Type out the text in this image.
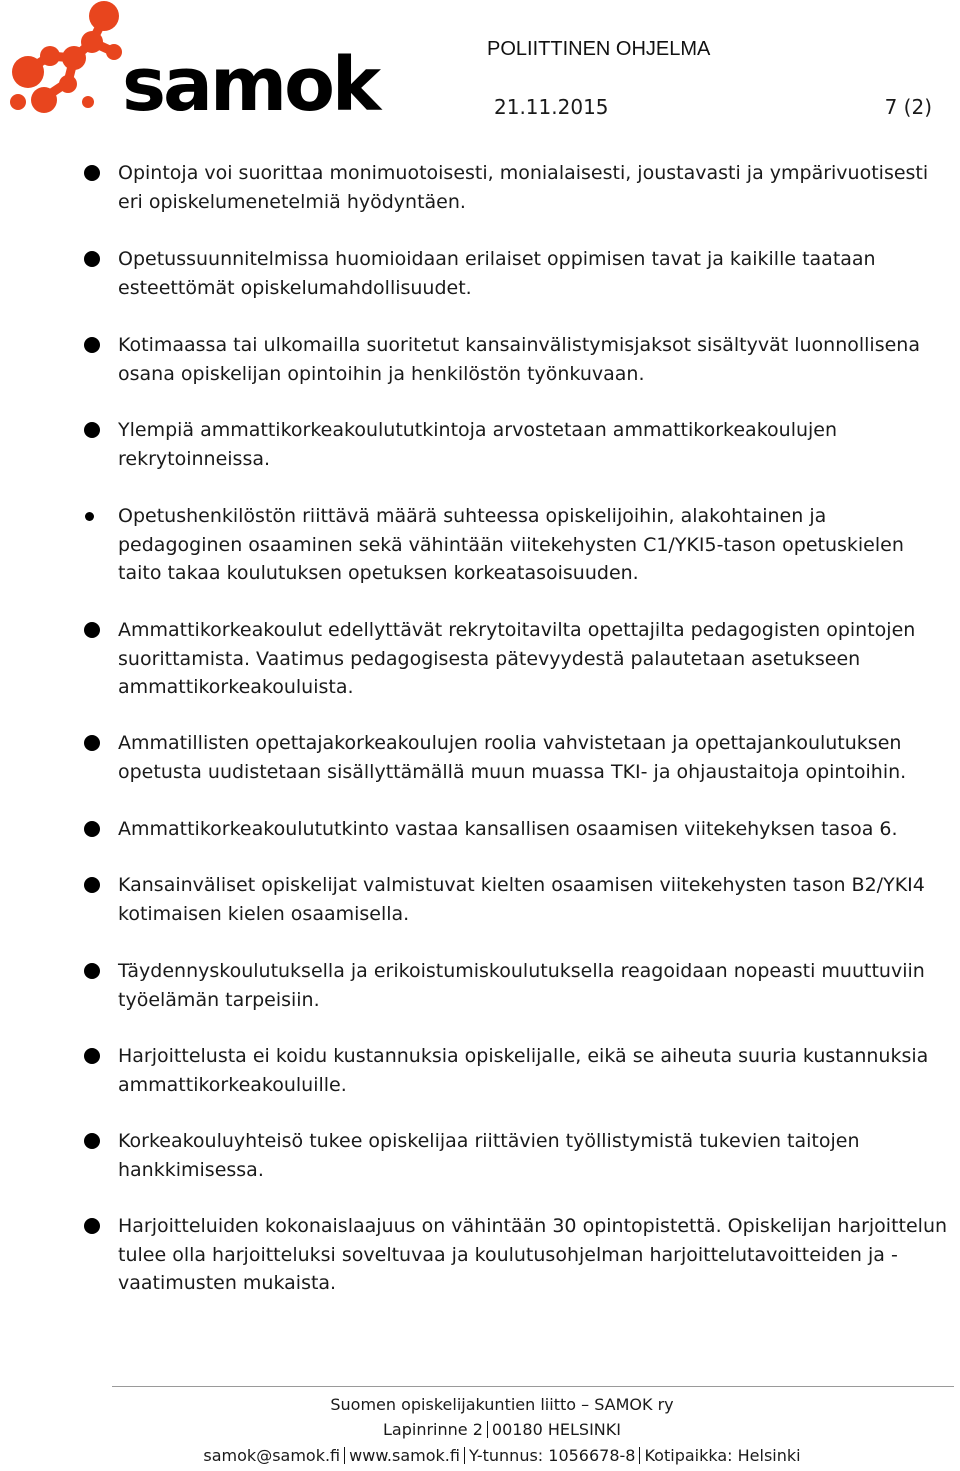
samok	POLIITTINEN OHJELMA
21.11.2015	7 (2)
Opintoja voi suorittaa monimuotoisesti, monialaisesti, joustavasti ja ympärivuotisesti eri opiskelumenetelmiä hyödyntäen.
Opetussuunnitelmissa huomioidaan erilaiset oppimisen tavat ja kaikille taataan esteettömät opiskelumahdollisuudet.
Kotimaassa tai ulkomailla suoritetut kansainvälistymisjaksot sisältyvät luonnollisena osana opiskelijan opintoihin ja henkilöstön työnkuvaan.
Ylempiä ammattikorkeakoulututkintoja arvostetaan ammattikorkeakoulujen rekrytoinneissa.
Opetushenkilöstön riittävä määrä suhteessa opiskelijoihin, alakohtainen ja pedagoginen osaaminen sekä vähintään viitekehysten C1/YKI5-tason opetuskielen taito takaa koulutuksen opetuksen korkeatasoisuuden.
Ammattikorkeakoulut edellyttävät rekrytoitavilta opettajilta pedagogisten opintojen suorittamista. Vaatimus pedagogisesta pätevyydestä palautetaan asetukseen ammattikorkeakouluista.
Ammatillisten opettajakorkeakoulujen roolia vahvistetaan ja opettajankoulutuksen opetusta uudistetaan sisällyttämällä muun muassa TKI- ja ohjaustaitoja opintoihin.
Ammattikorkeakoulututkinto vastaa kansallisen osaamisen viitekehyksen tasoa 6.
Kansainväliset opiskelijat valmistuvat kielten osaamisen viitekehysten tason B2/YKI4 kotimaisen kielen osaamisella.
Täydennyskoulutuksella ja erikoistumiskoulutuksella reagoidaan nopeasti muuttuviin työelämän tarpeisiin.
Harjoittelusta ei koidu kustannuksia opiskelijalle, eikä se aiheuta suuria kustannuksia ammattikorkeakouluille.
Korkeakouluyhteisö tukee opiskelijaa riittävien työllistymistä tukevien taitojen hankkimisessa.
Harjoitteluiden kokonaislaajuus on vähintään 30 opintopistettä. Opiskelijan harjoittelun tulee olla harjoitteluksi soveltuvaa ja koulutusohjelman harjoittelutavoitteiden ja -vaatimusten mukaista.
Suomen opiskelijakuntien liitto – SAMOK ry
Lapinrinne 2 00180 HELSINKI
samok@samok.fi www.samok.fi Y-tunnus: 1056678-8 Kotipaikka: Helsinki
